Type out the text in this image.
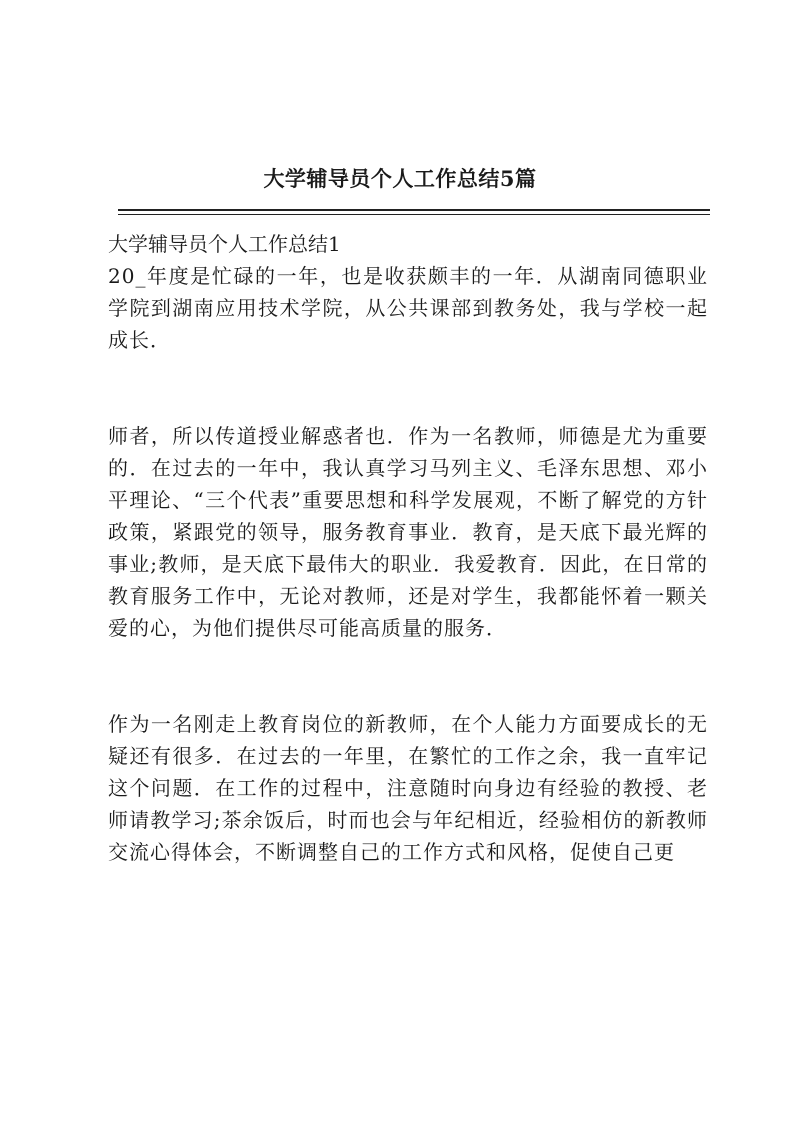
大学辅导员个人工作总结5篇

大学辅导员个人工作总结1

20_年度是忙碌的一年，也是收获颇丰的一年．从湖南同德职业学院到湖南应用技术学院，从公共课部到教务处，我与学校一起成长．

师者，所以传道授业解惑者也．作为一名教师，师德是尤为重要的．在过去的一年中，我认真学习马列主义、毛泽东思想、邓小平理论、“三个代表”重要思想和科学发展观，不断了解党的方针政策，紧跟党的领导，服务教育事业．教育，是天底下最光辉的事业;教师，是天底下最伟大的职业．我爱教育．因此，在日常的教育服务工作中，无论对教师，还是对学生，我都能怀着一颗关爱的心，为他们提供尽可能高质量的服务．

作为一名刚走上教育岗位的新教师，在个人能力方面要成长的无疑还有很多．在过去的一年里，在繁忙的工作之余，我一直牢记这个问题．在工作的过程中，注意随时向身边有经验的教授、老师请教学习;茶余饭后，时而也会与年纪相近，经验相仿的新教师交流心得体会，不断调整自己的工作方式和风格，促使自己更
